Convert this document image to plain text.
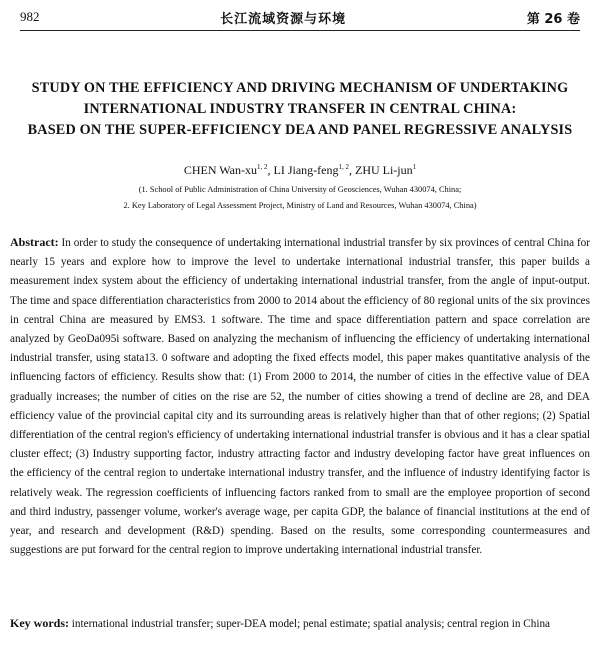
982	长江流域资源与环境	第 26 卷
STUDY ON THE EFFICIENCY AND DRIVING MECHANISM OF UNDERTAKING
INTERNATIONAL INDUSTRY TRANSFER IN CENTRAL CHINA:
BASED ON THE SUPER-EFFICIENCY DEA AND PANEL REGRESSIVE ANALYSIS
CHEN Wan-xu$^{1, 2}$, LI Jiang-feng$^{1, 2}$, ZHU Li-jun$^1$
(1. School of Public Administration of China University of Geosciences, Wuhan 430074, China;
2. Key Laboratory of Legal Assessment Project, Ministry of Land and Resources, Wuhan 430074, China)
Abstract: In order to study the consequence of undertaking international industrial transfer by six provinces of central China for nearly 15 years and explore how to improve the level to undertake international industrial transfer, this paper builds a measurement index system about the efficiency of undertaking international industrial transfer, from the angle of input-output. The time and space differentiation characteristics from 2000 to 2014 about the efficiency of 80 regional units of the six provinces in central China are measured by EMS3. 1 software. The time and space differentiation pattern and space correlation are analyzed by GeoDa095i software. Based on analyzing the mechanism of influencing the efficiency of undertaking international industrial transfer, using stata13. 0 software and adopting the fixed effects model, this paper makes quantitative analysis of the influencing factors of efficiency. Results show that: (1) From 2000 to 2014, the number of cities in the effective value of DEA gradually increases; the number of cities on the rise are 52, the number of cities showing a trend of decline are 28, and DEA efficiency value of the provincial capital city and its surrounding areas is relatively higher than that of other regions; (2) Spatial differentiation of the central region's efficiency of undertaking international industrial transfer is obvious and it has a clear spatial cluster effect; (3) Industry supporting factor, industry attracting factor and industry developing factor have great influences on the efficiency of the central region to undertake international industry transfer, and the influence of industry identifying factor is relatively weak. The regression coefficients of influencing factors ranked from to small are the employee proportion of second and third industry, passenger volume, worker's average wage, per capita GDP, the balance of financial institutions at the end of year, and research and development (R&D) spending. Based on the results, some corresponding countermeasures and suggestions are put forward for the central region to improve undertaking international industrial transfer.
Key words: international industrial transfer; super-DEA model; penal estimate; spatial analysis; central region in China
